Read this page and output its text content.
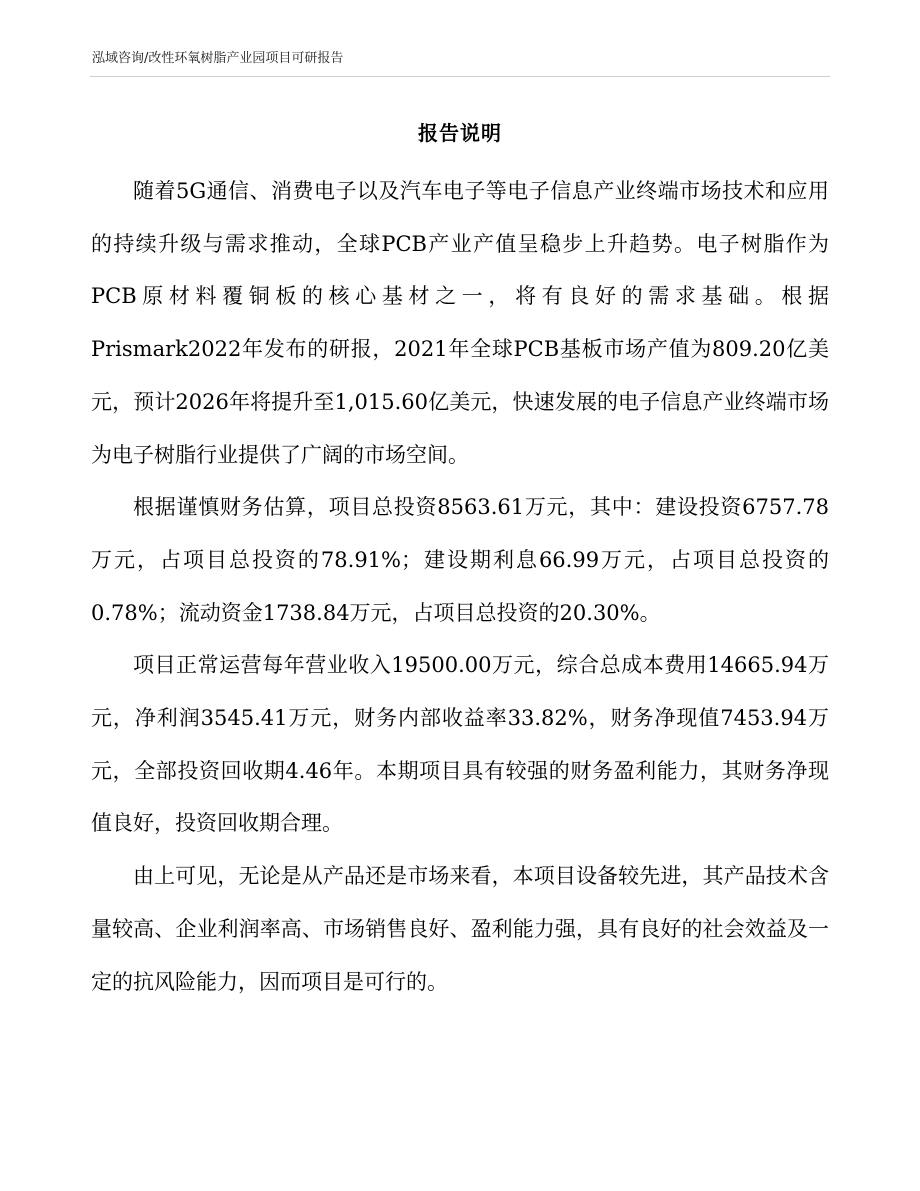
泓域咨询/改性环氧树脂产业园项目可研报告
报告说明

随着5G通信、消费电子以及汽车电子等电子信息产业终端市场技术和应用的持续升级与需求推动，全球PCB产业产值呈稳步上升趋势。电子树脂作为PCB原材料覆铜板的核心基材之一，将有良好的需求基础。根据Prismark2022年发布的研报，2021年全球PCB基板市场产值为809.20亿美元，预计2026年将提升至1,015.60亿美元，快速发展的电子信息产业终端市场为电子树脂行业提供了广阔的市场空间。

根据谨慎财务估算，项目总投资8563.61万元，其中：建设投资6757.78万元，占项目总投资的78.91%；建设期利息66.99万元，占项目总投资的0.78%；流动资金1738.84万元，占项目总投资的20.30%。

项目正常运营每年营业收入19500.00万元，综合总成本费用14665.94万元，净利润3545.41万元，财务内部收益率33.82%，财务净现值7453.94万元，全部投资回收期4.46年。本期项目具有较强的财务盈利能力，其财务净现值良好，投资回收期合理。

由上可见，无论是从产品还是市场来看，本项目设备较先进，其产品技术含量较高、企业利润率高、市场销售良好、盈利能力强，具有良好的社会效益及一定的抗风险能力，因而项目是可行的。
